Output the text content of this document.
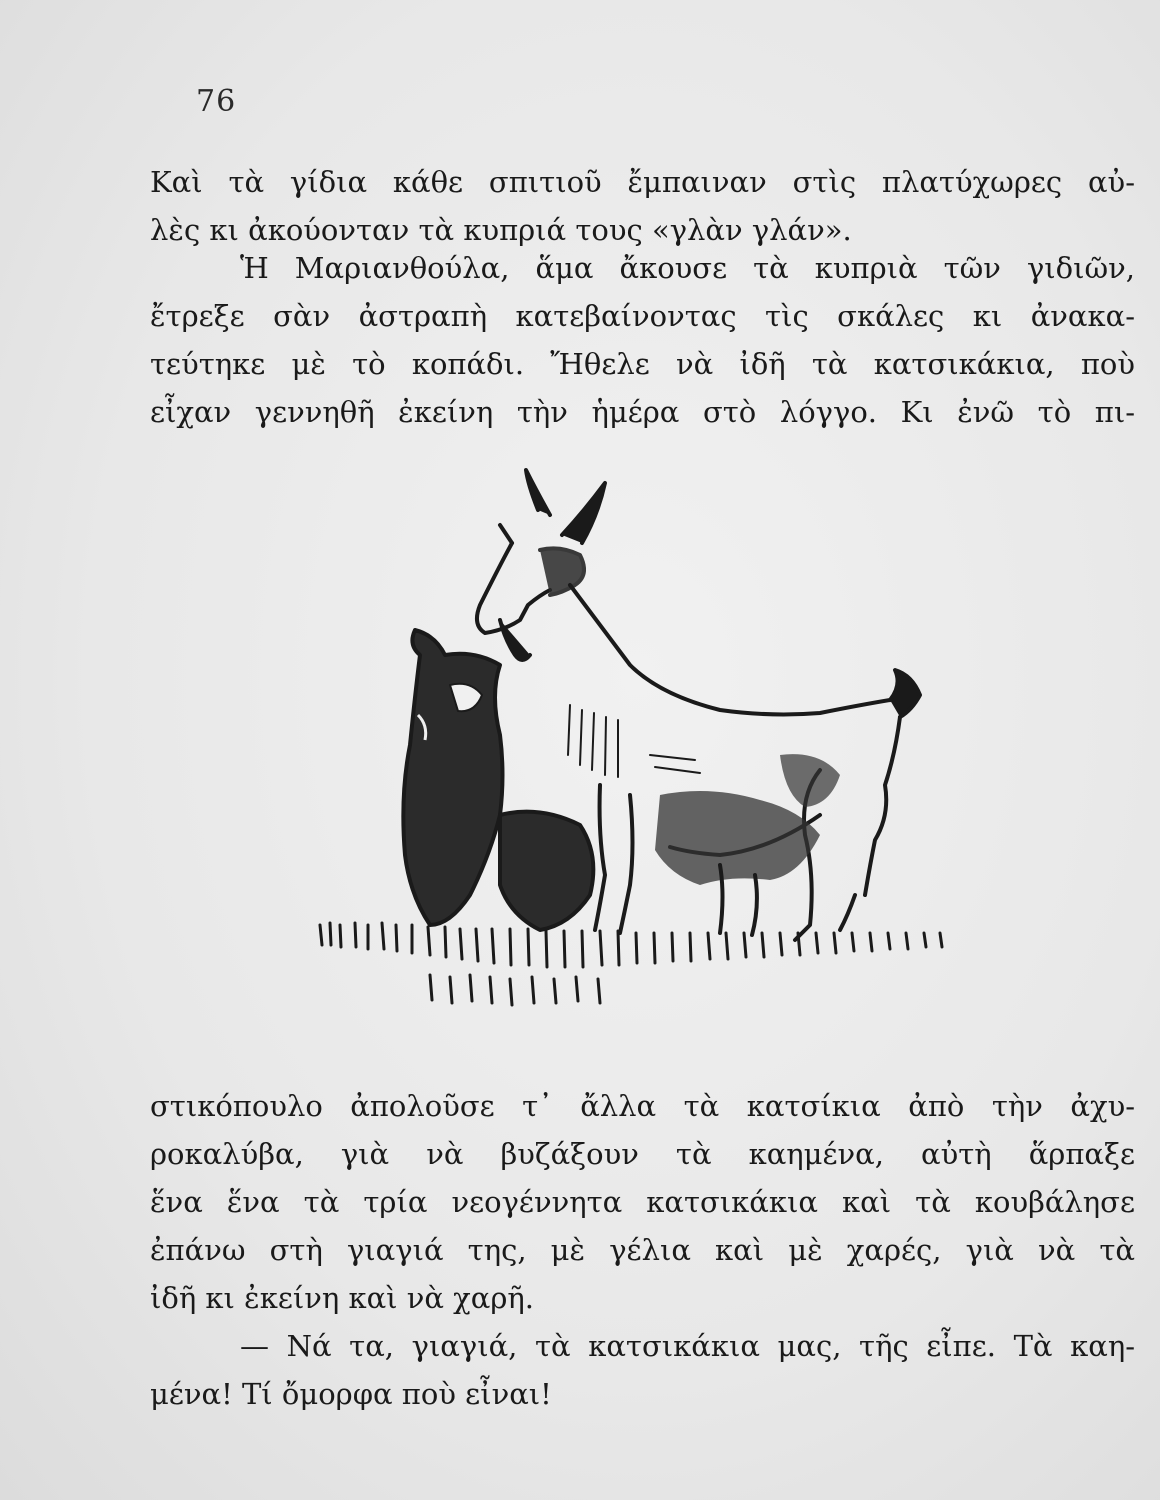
76
Καὶ τὰ γίδια κάθε σπιτιοῦ ἔμπαιναν στὶς πλατύχωρες αὐ-
λὲς κι ἀκούονταν τὰ κυπριά τους «γλὰν γλάν».
Ἡ Μαριανθούλα, ἅμα ἄκουσε τὰ κυπριὰ τῶν γιδιῶν,
ἔτρεξε σὰν ἀστραπὴ κατεβαίνοντας τὶς σκάλες κι ἀνακα-
τεύτηκε μὲ τὸ κοπάδι. Ἤθελε νὰ ἰδῆ τὰ κατσικάκια, ποὺ
εἶχαν γεννηθῆ ἐκείνη τὴν ἡμέρα στὸ λόγγο. Κι ἐνῶ τὸ πι-
στικόπουλο ἀπολοῦσε τ᾿ ἄλλα τὰ κατσίκια ἀπὸ τὴν ἀχυ-
ροκαλύβα, γιὰ νὰ βυζάξουν τὰ καημένα, αὐτὴ ἅρπαξε
ἕνα ἕνα τὰ τρία νεογέννητα κατσικάκια καὶ τὰ κουβάλησε
ἐπάνω στὴ γιαγιά της, μὲ γέλια καὶ μὲ χαρές, γιὰ νὰ τὰ
ἰδῆ κι ἐκείνη καὶ νὰ χαρῆ.
— Νά τα, γιαγιά, τὰ κατσικάκια μας, τῆς εἶπε. Τὰ καη-
μένα! Τί ὄμορφα ποὺ εἶναι!
